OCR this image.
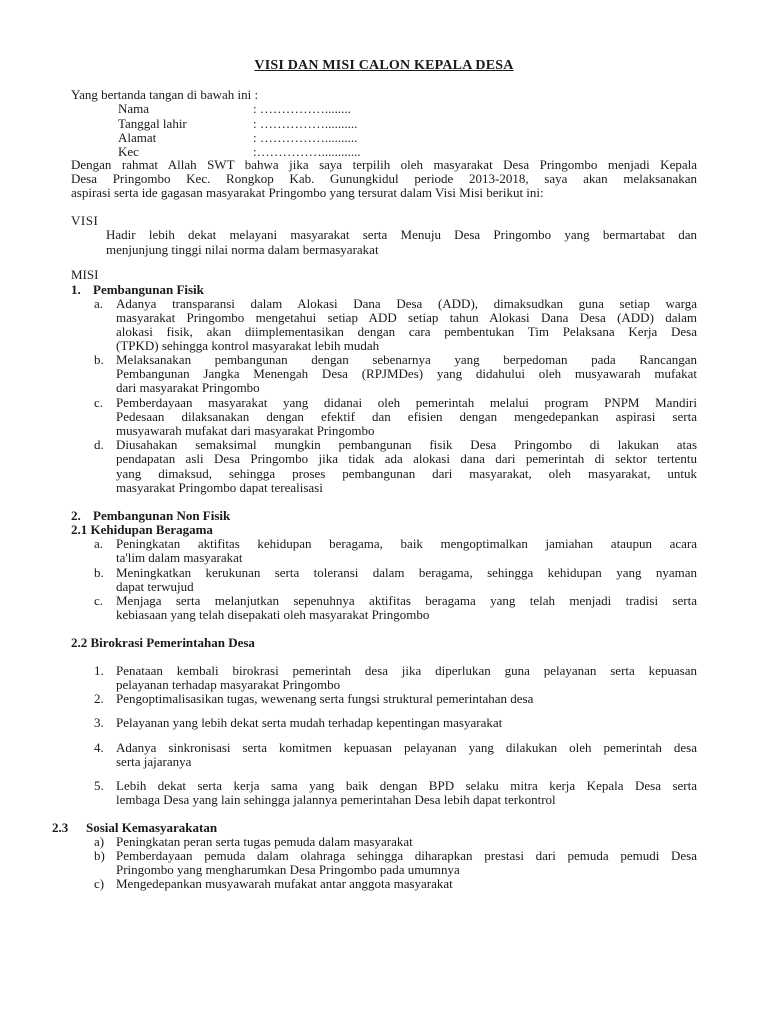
VISI DAN MISI CALON KEPALA DESA
Yang bertanda tangan di bawah ini :
Nama	: ……………........
Tanggal lahir	: ……………..........
Alamat	: ……………..........
Kec	:……………............
Dengan rahmat Allah SWT bahwa jika saya terpilih oleh masyarakat Desa Pringombo menjadi Kepala
Desa Pringombo Kec. Rongkop Kab. Gunungkidul periode 2013-2018, saya akan melaksanakan
aspirasi serta ide gagasan masyarakat Pringombo yang tersurat dalam Visi Misi berikut ini:
VISI
Hadir lebih dekat melayani masyarakat serta Menuju Desa Pringombo yang bermartabat dan
menjunjung tinggi nilai norma dalam bermasyarakat
MISI
1. Pembangunan Fisik
a. Adanya transparansi dalam Alokasi Dana Desa (ADD), dimaksudkan guna setiap warga
masyarakat Pringombo mengetahui setiap ADD setiap tahun Alokasi Dana Desa (ADD) dalam
alokasi fisik, akan diimplementasikan dengan cara pembentukan Tim Pelaksana Kerja Desa
(TPKD) sehingga kontrol masyarakat lebih mudah
b. Melaksanakan pembangunan dengan sebenarnya yang berpedoman pada Rancangan
Pembangunan Jangka Menengah Desa (RPJMDes) yang didahului oleh musyawarah mufakat
dari masyarakat Pringombo
c. Pemberdayaan masyarakat yang didanai oleh pemerintah melalui program PNPM Mandiri
Pedesaan dilaksanakan dengan efektif dan efisien dengan mengedepankan aspirasi serta
musyawarah mufakat dari masyarakat Pringombo
d. Diusahakan semaksimal mungkin pembangunan fisik Desa Pringombo di lakukan atas
pendapatan asli Desa Pringombo jika tidak ada alokasi dana dari pemerintah di sektor tertentu
yang dimaksud, sehingga proses pembangunan dari masyarakat, oleh masyarakat, untuk
masyarakat Pringombo dapat terealisasi
2. Pembangunan Non Fisik
2.1 Kehidupan Beragama
a. Peningkatan aktifitas kehidupan beragama, baik mengoptimalkan jamiahan ataupun acara
ta'lim dalam masyarakat
b. Meningkatkan kerukunan serta toleransi dalam beragama, sehingga kehidupan yang nyaman
dapat terwujud
c. Menjaga serta melanjutkan sepenuhnya aktifitas beragama yang telah menjadi tradisi serta
kebiasaan yang telah disepakati oleh masyarakat Pringombo
2.2 Birokrasi Pemerintahan Desa
1. Penataan kembali birokrasi pemerintah desa jika diperlukan guna pelayanan serta kepuasan
pelayanan terhadap masyarakat Pringombo
2. Pengoptimalisasikan tugas, wewenang serta fungsi struktural pemerintahan desa
3. Pelayanan yang lebih dekat serta mudah terhadap kepentingan masyarakat
4. Adanya sinkronisasi serta komitmen kepuasan pelayanan yang dilakukan oleh pemerintah desa
serta jajaranya
5. Lebih dekat serta kerja sama yang baik dengan BPD selaku mitra kerja Kepala Desa serta
lembaga Desa yang lain sehingga jalannya pemerintahan Desa lebih dapat terkontrol
2.3 Sosial Kemasyarakatan
a) Peningkatan peran serta tugas pemuda dalam masyarakat
b) Pemberdayaan pemuda dalam olahraga sehingga diharapkan prestasi dari pemuda pemudi Desa
Pringombo yang mengharumkan Desa Pringombo pada umumnya
c) Mengedepankan musyawarah mufakat antar anggota masyarakat
